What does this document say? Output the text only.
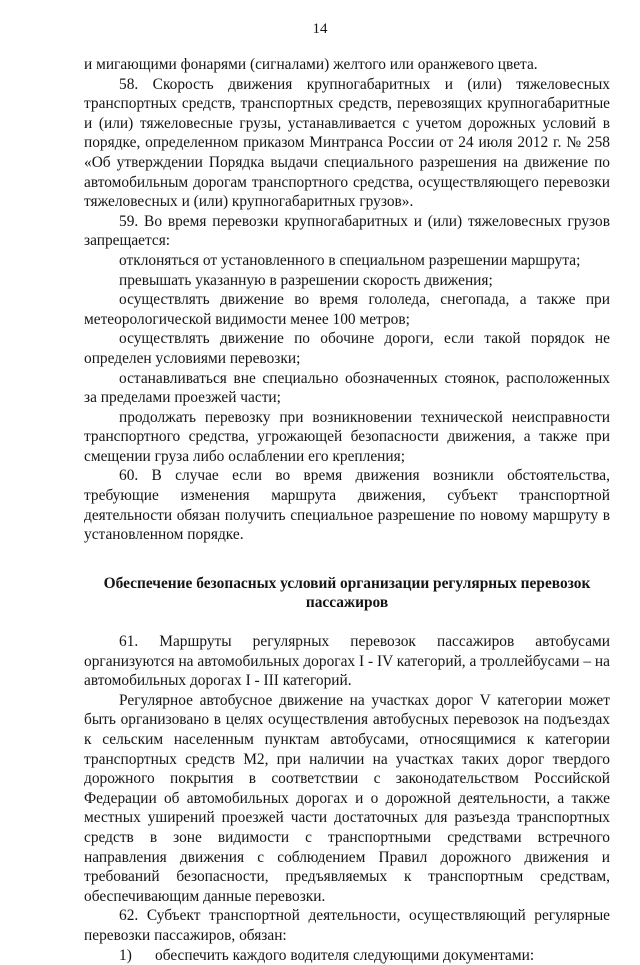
14

и мигающими фонарями (сигналами) желтого или оранжевого цвета.

58. Скорость движения крупногабаритных и (или) тяжеловесных транспортных средств, транспортных средств, перевозящих крупногабаритные и (или) тяжеловесные грузы, устанавливается с учетом дорожных условий в порядке, определенном приказом Минтранса России от 24 июля 2012 г. № 258 «Об утверждении Порядка выдачи специального разрешения на движение по автомобильным дорогам транспортного средства, осуществляющего перевозки тяжеловесных и (или) крупногабаритных грузов».

59. Во время перевозки крупногабаритных и (или) тяжеловесных грузов запрещается:

отклоняться от установленного в специальном разрешении маршрута;

превышать указанную в разрешении скорость движения;

осуществлять движение во время гололеда, снегопада, а также при метеорологической видимости менее 100 метров;

осуществлять движение по обочине дороги, если такой порядок не определен условиями перевозки;

останавливаться вне специально обозначенных стоянок, расположенных за пределами проезжей части;

продолжать перевозку при возникновении технической неисправности транспортного средства, угрожающей безопасности движения, а также при смещении груза либо ослаблении его крепления;

60. В случае если во время движения возникли обстоятельства, требующие изменения маршрута движения, субъект транспортной деятельности обязан получить специальное разрешение по новому маршруту в установленном порядке.

Обеспечение безопасных условий организации регулярных перевозок
пассажиров

61. Маршруты регулярных перевозок пассажиров автобусами организуются на автомобильных дорогах I - IV категорий, а троллейбусами – на автомобильных дорогах I - III категорий.

Регулярное автобусное движение на участках дорог V категории может быть организовано в целях осуществления автобусных перевозок на подъездах к сельским населенным пунктам автобусами, относящимися к категории транспортных средств М2, при наличии на участках таких дорог твердого дорожного покрытия в соответствии с законодательством Российской Федерации об автомобильных дорогах и о дорожной деятельности, а также местных уширений проезжей части достаточных для разъезда транспортных средств в зоне видимости с транспортными средствами встречного направления движения с соблюдением Правил дорожного движения и требований безопасности, предъявляемых к транспортным средствам, обеспечивающим данные перевозки.

62. Субъект транспортной деятельности, осуществляющий регулярные перевозки пассажиров, обязан:

1)	обеспечить каждого водителя следующими документами:
